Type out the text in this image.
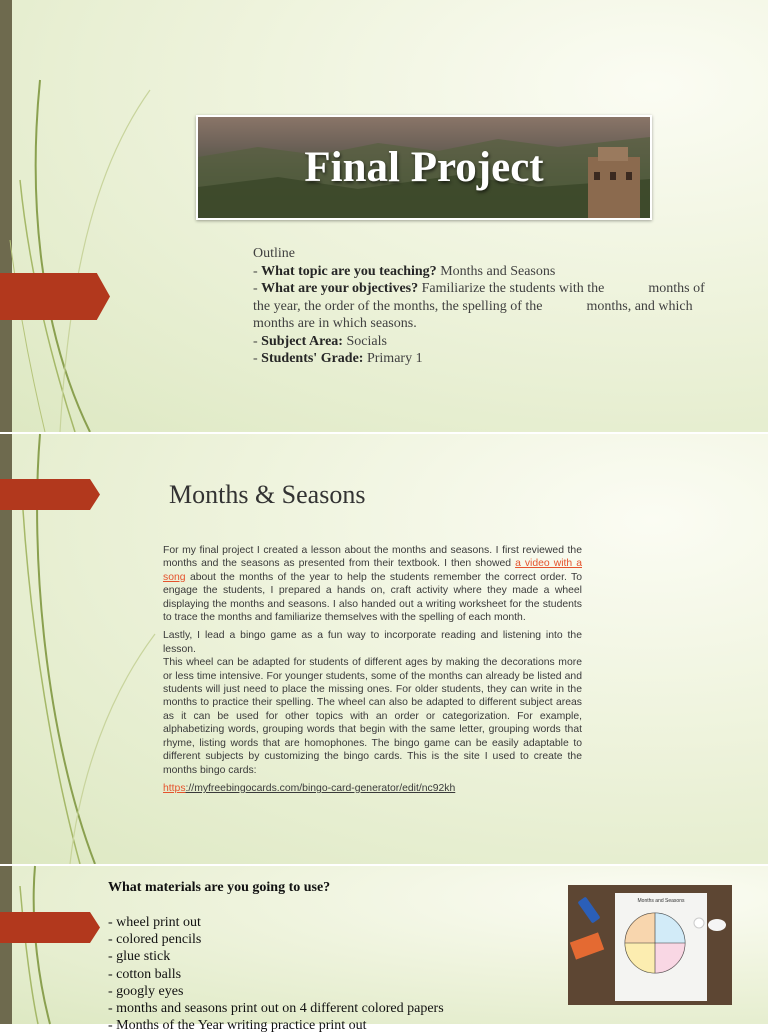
Final Project
Outline
- What topic are you teaching? Months and Seasons
- What are your objectives? Familiarize the students with the	months of the year, the order of the months, the spelling of the	months, and which months are in which seasons.
- Subject Area: Socials
- Students' Grade: Primary 1
Months & Seasons

For my final project I created a lesson about the months and seasons. I first reviewed the months and the seasons as presented from their textbook. I then showed a video with a song about the months of the year to help the students remember the correct order. To engage the students, I prepared a hands on, craft activity where they made a wheel displaying the months and seasons. I also handed out a writing worksheet for the students to trace the months and familiarize themselves with the spelling of each month.

Lastly, I lead a bingo game as a fun way to incorporate reading and listening into the lesson.
This wheel can be adapted for students of different ages by making the decorations more or less time intensive. For younger students, some of the months can already be listed and students will just need to place the missing ones. For older students, they can write in the months to practice their spelling. The wheel can also be adapted to different subject areas as it can be used for other topics with an order or categorization. For example, alphabetizing words, grouping words that begin with the same letter, grouping words that rhyme, listing words that are homophones. The bingo game can be easily adaptable to different subjects by customizing the bingo cards. This is the site I used to create the months bingo cards:

https://myfreebingocards.com/bingo-card-generator/edit/nc92kh

What materials are you going to use?
- wheel print out
- colored pencils
- glue stick
- cotton balls
- googly eyes
- months and seasons print out on 4 different colored papers
- Months of the Year writing practice print out
Months and Seasons
